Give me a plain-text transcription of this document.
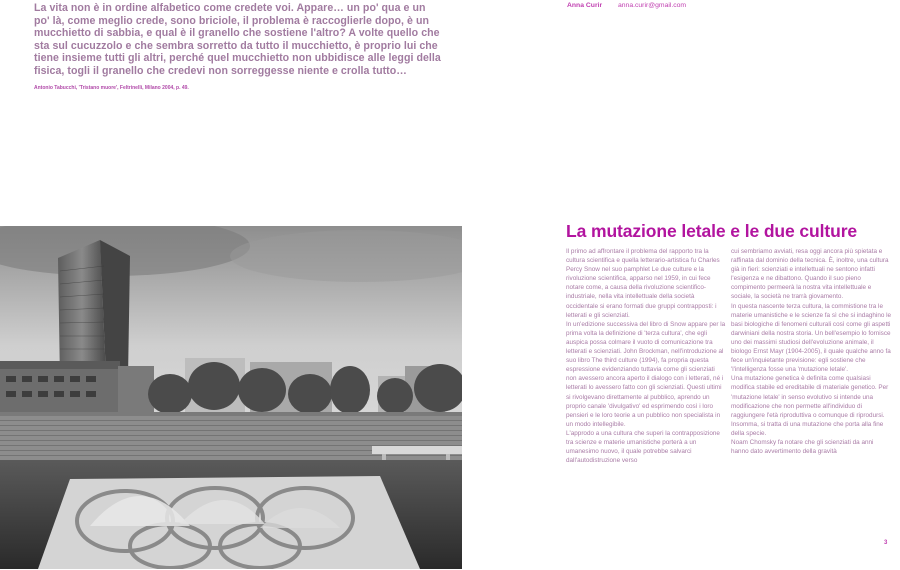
La vita non è in ordine alfabetico come credete voi. Appare… un po' qua e un po' là, come meglio crede, sono briciole, il problema è raccoglierle dopo, è un mucchietto di sabbia, e qual è il granello che sostiene l'altro? A volte quello che sta sul cucuzzolo e che sembra sorretto da tutto il mucchietto, è proprio lui che tiene insieme tutti gli altri, perché quel mucchietto non ubbidisce alle leggi della fisica, togli il granello che credevi non sorreggesse niente e crolla tutto…
Antonio Tabucchi, 'Tristano muore', Feltrinelli, Milano 2004, p. 49.
Anna Curir anna.curir@gmail.com
La mutazione letale e le due culture

Il primo ad affrontare il problema del rapporto tra la cultura scientifica e quella letterario-artistica fu Charles Percy Snow nel suo pamphlet Le due culture e la rivoluzione scientifica, apparso nel 1959, in cui fece notare come, a causa della rivoluzione scientifico-industriale, nella vita intellettuale della società occidentale si erano formati due gruppi contrapposti: i letterati e gli scienziati.

In un'edizione successiva del libro di Snow appare per la prima volta la definizione di 'terza cultura', che egli auspica possa colmare il vuoto di comunicazione tra letterati e scienziati. John Brockman, nell'introduzione al suo libro The third culture (1994), fa propria questa espressione evidenziando tuttavia come gli scienziati non avessero ancora aperto il dialogo con i letterati, né i letterati lo avessero fatto con gli scienziati. Questi ultimi si rivolgevano direttamente al pubblico, aprendo un proprio canale 'divulgativo' ed esprimendo così i loro pensieri e le loro teorie a un pubblico non specialista in un modo intellegibile.

L'approdo a una cultura che superi la contrapposizione tra scienze e materie umanistiche porterà a un umanesimo nuovo, il quale potrebbe salvarci dall'autodistruzione verso

cui sembriamo avviati, resa oggi ancora più spietata e raffinata dal dominio della tecnica. È, inoltre, una cultura già in fieri: scienziati e intellettuali ne sentono infatti l'esigenza e ne dibattono. Quando il suo pieno compimento permeerà la nostra vita intellettuale e sociale, la società ne trarrà giovamento.

In questa nascente terza cultura, la commistione tra le materie umanistiche e le scienze fa sì che si indaghino le basi biologiche di fenomeni culturali così come gli aspetti darwiniani della nostra storia. Un bell'esempio lo fornisce uno dei massimi studiosi dell'evoluzione animale, il biologo Ernst Mayr (1904-2005), il quale qualche anno fa fece un'inquietante previsione: egli sostiene che 'l'intelligenza fosse una 'mutazione letale'.

Una mutazione genetica è definita come qualsiasi modifica stabile ed ereditabile di materiale genetico. Per 'mutazione letale' in senso evolutivo si intende una modificazione che non permette all'individuo di raggiungere l'età riproduttiva o comunque di riprodursi. Insomma, si tratta di una mutazione che porta alla fine della specie.

Noam Chomsky fa notare che gli scienziati da anni hanno dato avvertimento della gravità

3
